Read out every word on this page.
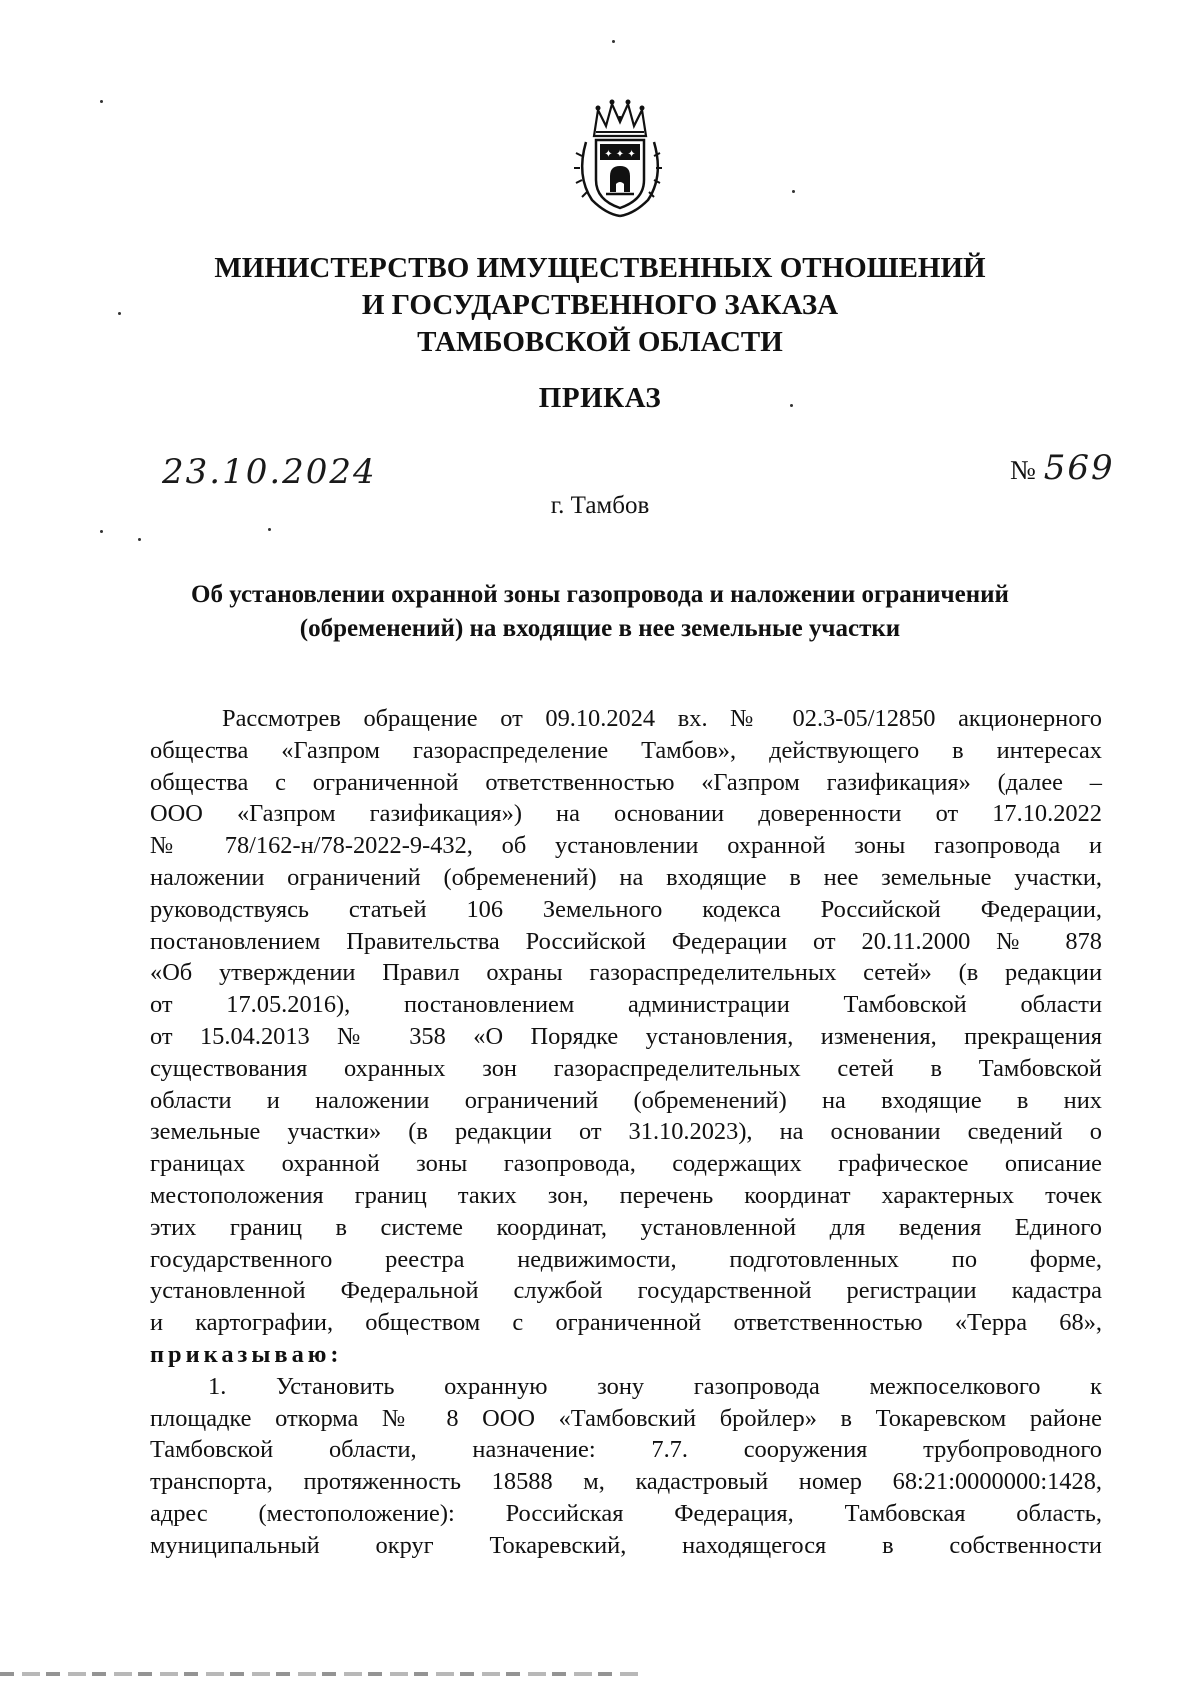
✦ ✦ ✦
МИНИСТЕРСТВО ИМУЩЕСТВЕННЫХ ОТНОШЕНИЙ
И ГОСУДАРСТВЕННОГО ЗАКАЗА
ТАМБОВСКОЙ ОБЛАСТИ
ПРИКАЗ
23.10.2024	№ 569
г. Тамбов
Об установлении охранной зоны газопровода и наложении ограничений
(обременений) на входящие в нее земельные участки
Рассмотрев обращение от 09.10.2024 вх. № 02.3-05/12850 акционерного
общества «Газпром газораспределение Тамбов», действующего в интересах
общества с ограниченной ответственностью «Газпром газификация» (далее –
ООО «Газпром газификация») на основании доверенности от 17.10.2022
№ 78/162-н/78-2022-9-432, об установлении охранной зоны газопровода и
наложении ограничений (обременений) на входящие в нее земельные участки,
руководствуясь статьей 106 Земельного кодекса Российской Федерации,
постановлением Правительства Российской Федерации от 20.11.2000 № 878
«Об утверждении Правил охраны газораспределительных сетей» (в редакции
от 17.05.2016), постановлением администрации Тамбовской области
от 15.04.2013 № 358 «О Порядке установления, изменения, прекращения
существования охранных зон газораспределительных сетей в Тамбовской
области и наложении ограничений (обременений) на входящие в них
земельные участки» (в редакции от 31.10.2023), на основании сведений о
границах охранной зоны газопровода, содержащих графическое описание
местоположения границ таких зон, перечень координат характерных точек
этих границ в системе координат, установленной для ведения Единого
государственного реестра недвижимости, подготовленных по форме,
установленной Федеральной службой государственной регистрации кадастра
и картографии, обществом с ограниченной ответственностью «Терра 68»,
приказываю:
1. Установить охранную зону газопровода межпоселкового к
площадке откорма № 8 ООО «Тамбовский бройлер» в Токаревском районе
Тамбовской области, назначение: 7.7. сооружения трубопроводного
транспорта, протяженность 18588 м, кадастровый номер 68:21:0000000:1428,
адрес (местоположение): Российская Федерация, Тамбовская область,
муниципальный округ Токаревский, находящегося в собственности
